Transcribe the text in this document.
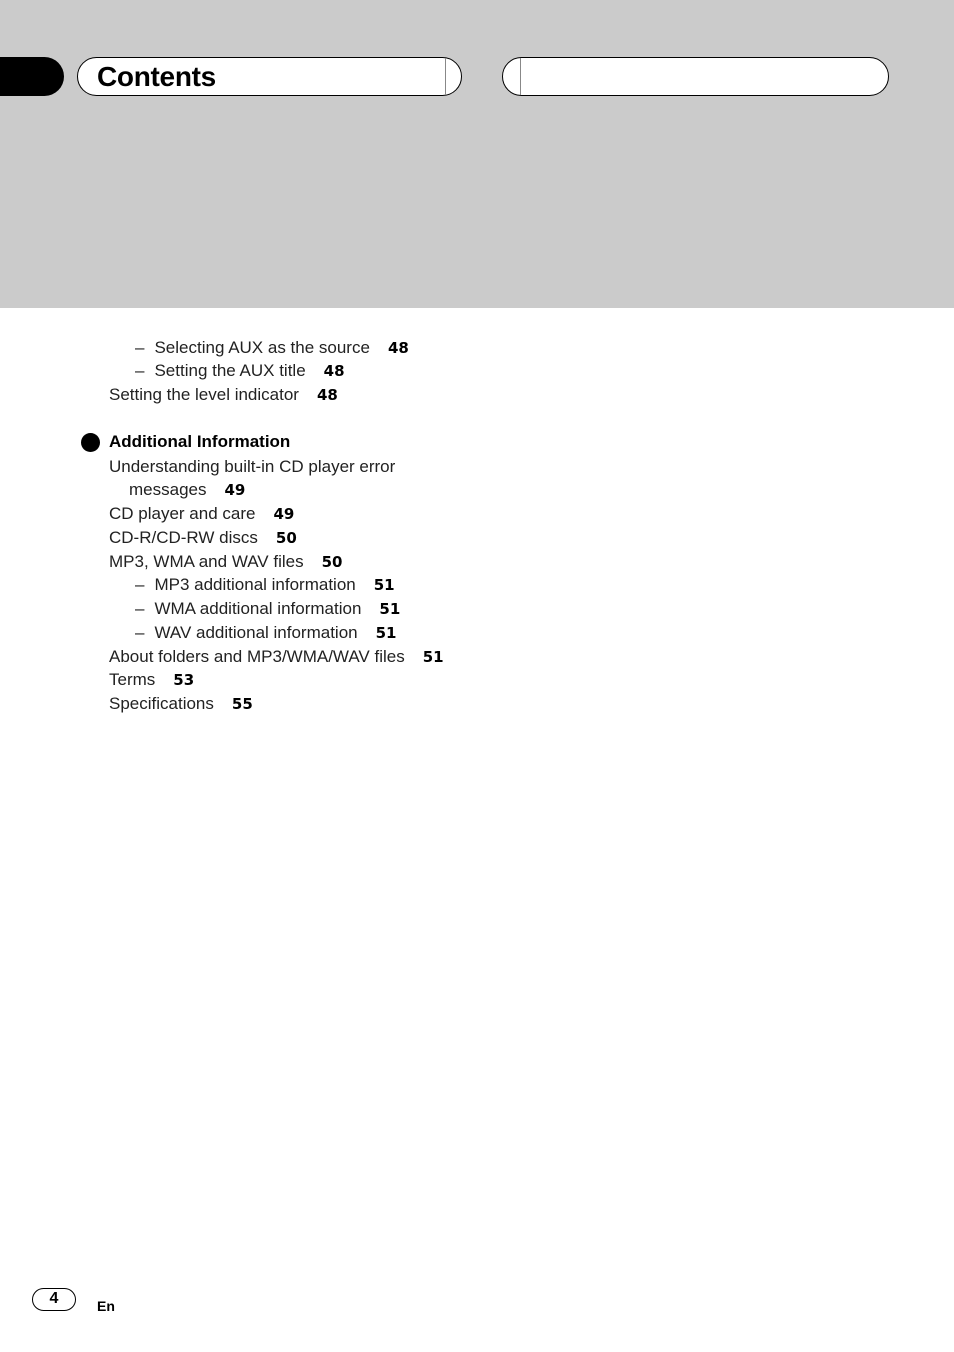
Contents
– Selecting AUX as the source 48
– Setting the AUX title 48
Setting the level indicator 48
Additional Information
Understanding built-in CD player error
messages 49
CD player and care 49
CD-R/CD-RW discs 50
MP3, WMA and WAV files 50
– MP3 additional information 51
– WMA additional information 51
– WAV additional information 51
About folders and MP3/WMA/WAV files 51
Terms 53
Specifications 55
4	En
